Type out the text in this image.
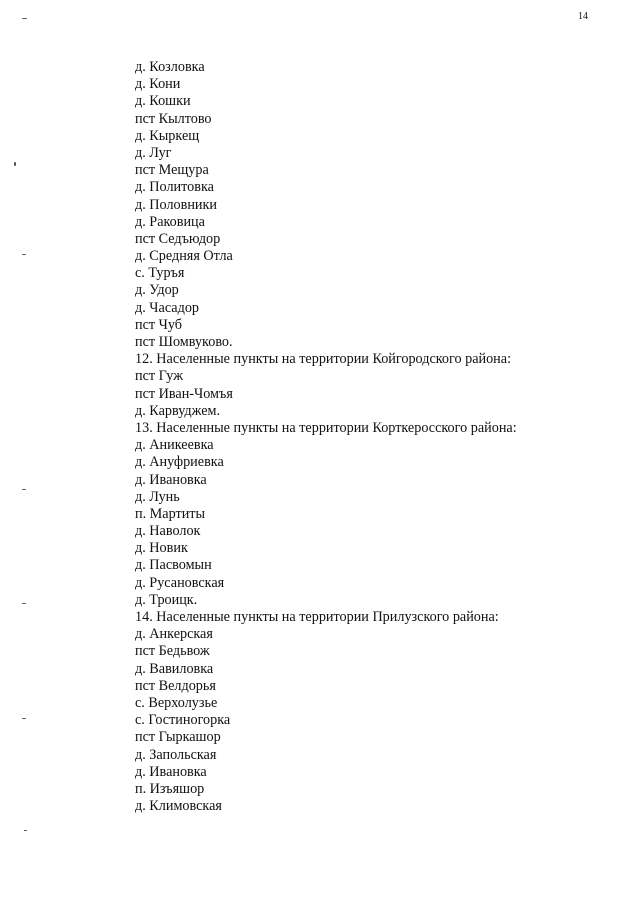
14
д. Козловка
д. Кони
д. Кошки
пст Кылтово
д. Кыркещ
д. Луг
пст Мещура
д. Политовка
д. Половники
д. Раковица
пст Седъюдор
д. Средняя Отла
с. Туръя
д. Удор
д. Часадор
пст Чуб
пст Шомвуково.
12. Населенные пункты на территории Койгородского района:
пст Гуж
пст Иван-Чомъя
д. Карвуджем.
13. Населенные пункты на территории Корткеросского района:
д. Аникеевка
д. Ануфриевка
д. Ивановка
д. Лунь
п. Мартиты
д. Наволок
д. Новик
д. Пасвомын
д. Русановская
д. Троицк.
14. Населенные пункты на территории Прилузского района:
д. Анкерская
пст Бедьвож
д. Вавиловка
пст Велдорья
с. Верхолузье
с. Гостиногорка
пст Гыркашор
д. Запольская
д. Ивановка
п. Изъяшор
д. Климовская
